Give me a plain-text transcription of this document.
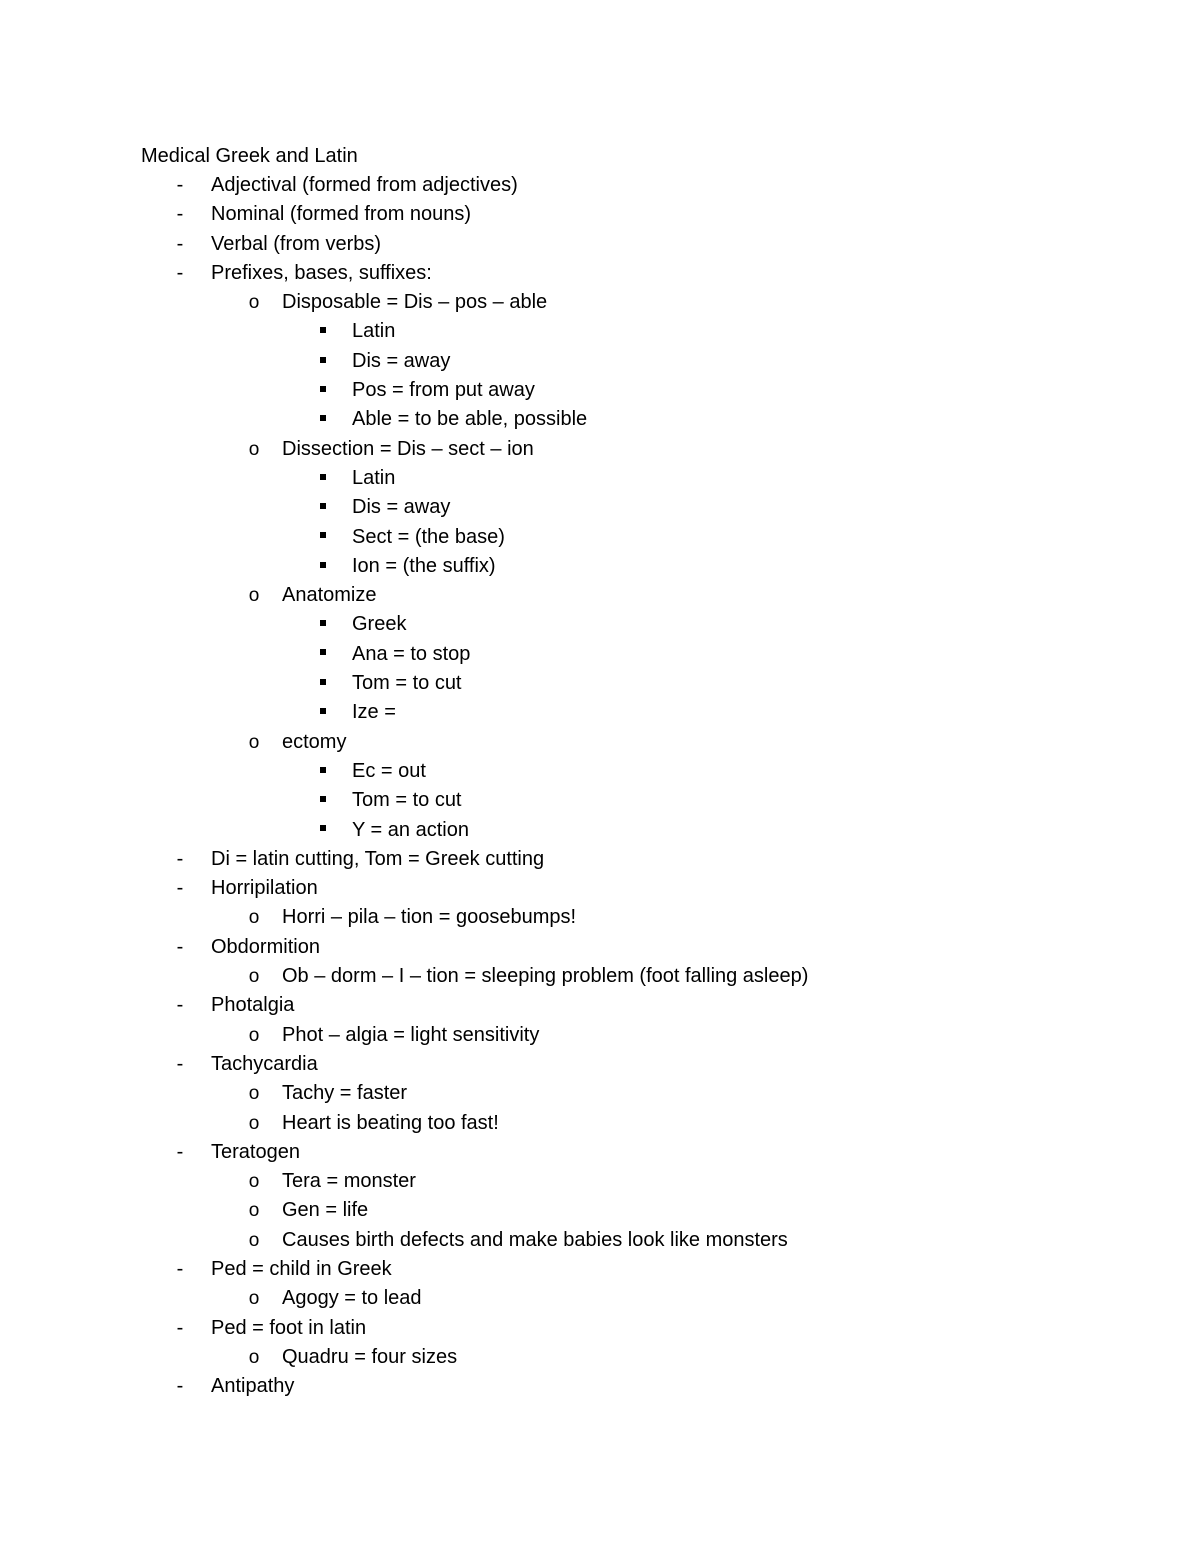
Medical Greek and Latin
-	Adjectival (formed from adjectives)
-	Nominal (formed from nouns)
-	Verbal (from verbs)
-	Prefixes, bases, suffixes:
o Disposable = Dis – pos – able
Latin
Dis = away
Pos = from put away
Able = to be able, possible
o Dissection = Dis – sect – ion
Latin
Dis = away
Sect = (the base)
Ion = (the suffix)
o Anatomize
Greek
Ana = to stop
Tom = to cut
Ize =
o ectomy
Ec = out
Tom = to cut
Y = an action
-	Di = latin cutting, Tom = Greek cutting
-	Horripilation
o Horri – pila – tion = goosebumps!
-	Obdormition
o Ob – dorm – I – tion = sleeping problem (foot falling asleep)
-	Photalgia
o Phot – algia = light sensitivity
-	Tachycardia
o Tachy = faster
o Heart is beating too fast!
-	Teratogen
o Tera = monster
o Gen = life
o Causes birth defects and make babies look like monsters
-	Ped = child in Greek
o Agogy = to lead
-	Ped = foot in latin
o Quadru = four sizes
-	Antipathy
